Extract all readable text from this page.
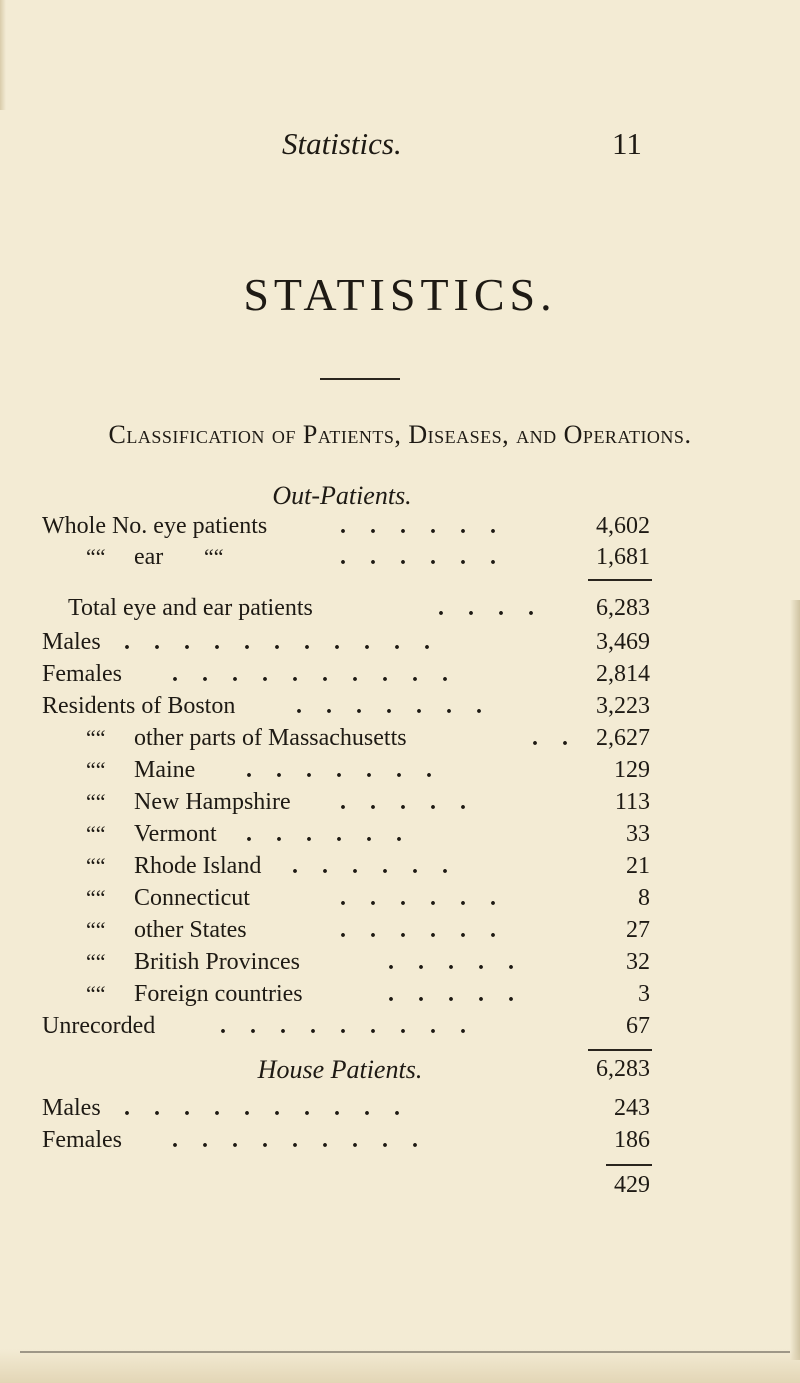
Statistics.	11
STATISTICS.
Classification of Patients, Diseases, and Operations.
Out-Patients.
Whole No. eye patients	. . . . . .	4,602
““ ear ““	. . . . . .	1,681
Total eye and ear patients	. . . .	6,283
Males . . . . . . . . . . .	3,469
Females . . . . . . . . . .	2,814
Residents of Boston	. . . . . . .	3,223
““ other parts of Massachusetts	. . 2,627
““ Maine . . . . . . .	129
““ New Hampshire . . . . .	113
““ Vermont . . . . . .	33
““ Rhode Island . . . . . .	21
““ Connecticut	. . . . . .	8
““ other States	. . . . . .	27
““ British Provinces	. . . . .	32
““ Foreign countries	. . . . .	3
Unrecorded	. . . . . . . . .	67
6,283
House Patients.
Males . . . . . . . . . .	243
Females . . . . . . . . .	186
429
